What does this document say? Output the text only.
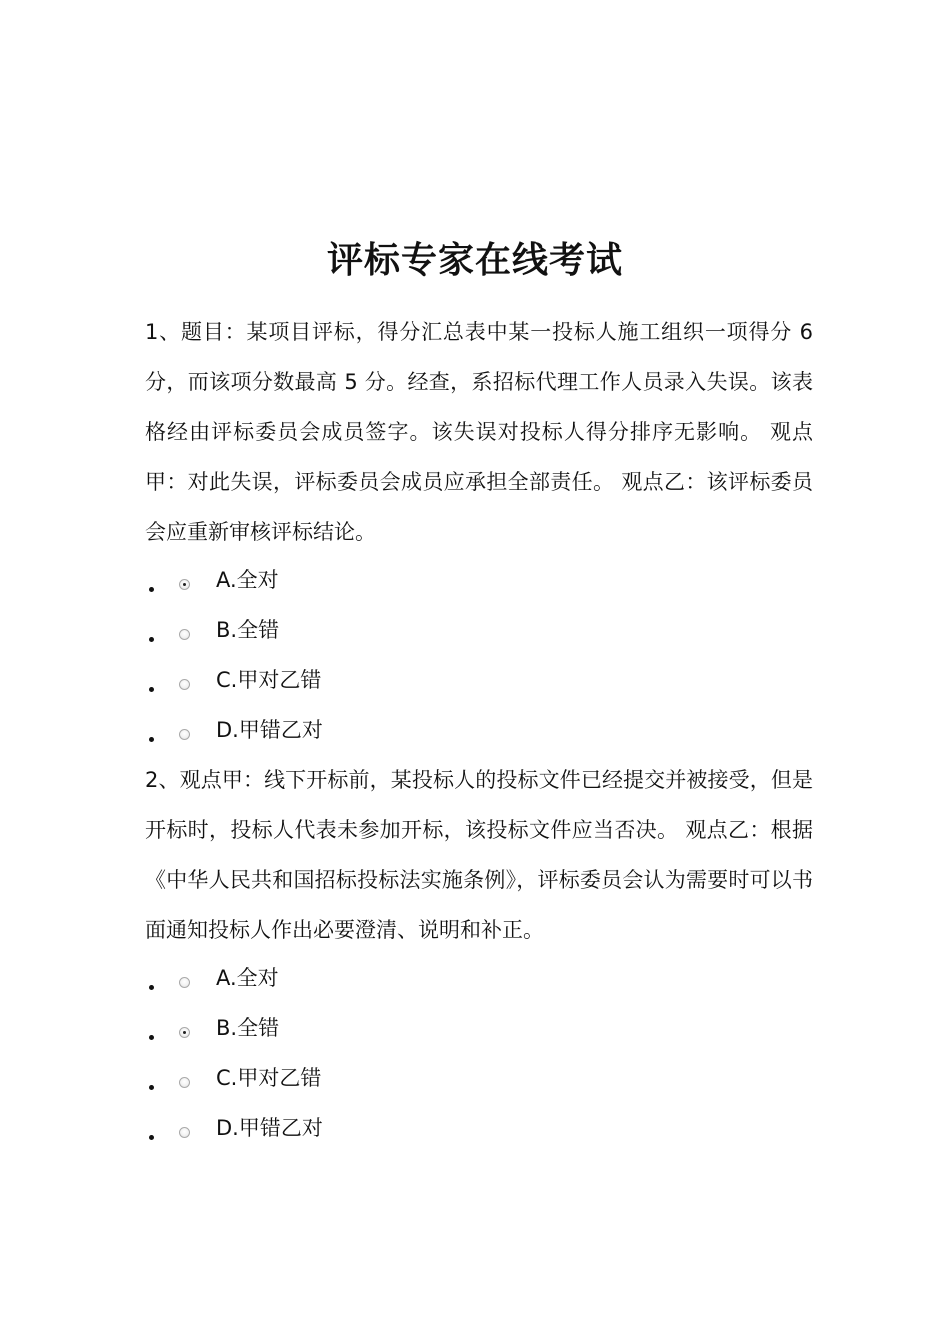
评标专家在线考试
1、题目：某项目评标，得分汇总表中某一投标人施工组织一项得分 6 分，而该项分数最高 5 分。经查，系招标代理工作人员录入失误。该表格经由评标委员会成员签字。该失误对投标人得分排序无影响。 观点甲：对此失误，评标委员会成员应承担全部责任。 观点乙：该评标委员会应重新审核评标结论。
A.全对
B.全错
C.甲对乙错
D.甲错乙对
2、观点甲：线下开标前，某投标人的投标文件已经提交并被接受，但是开标时，投标人代表未参加开标，该投标文件应当否决。 观点乙：根据《中华人民共和国招标投标法实施条例》，评标委员会认为需要时可以书面通知投标人作出必要澄清、说明和补正。
A.全对
B.全错
C.甲对乙错
D.甲错乙对
